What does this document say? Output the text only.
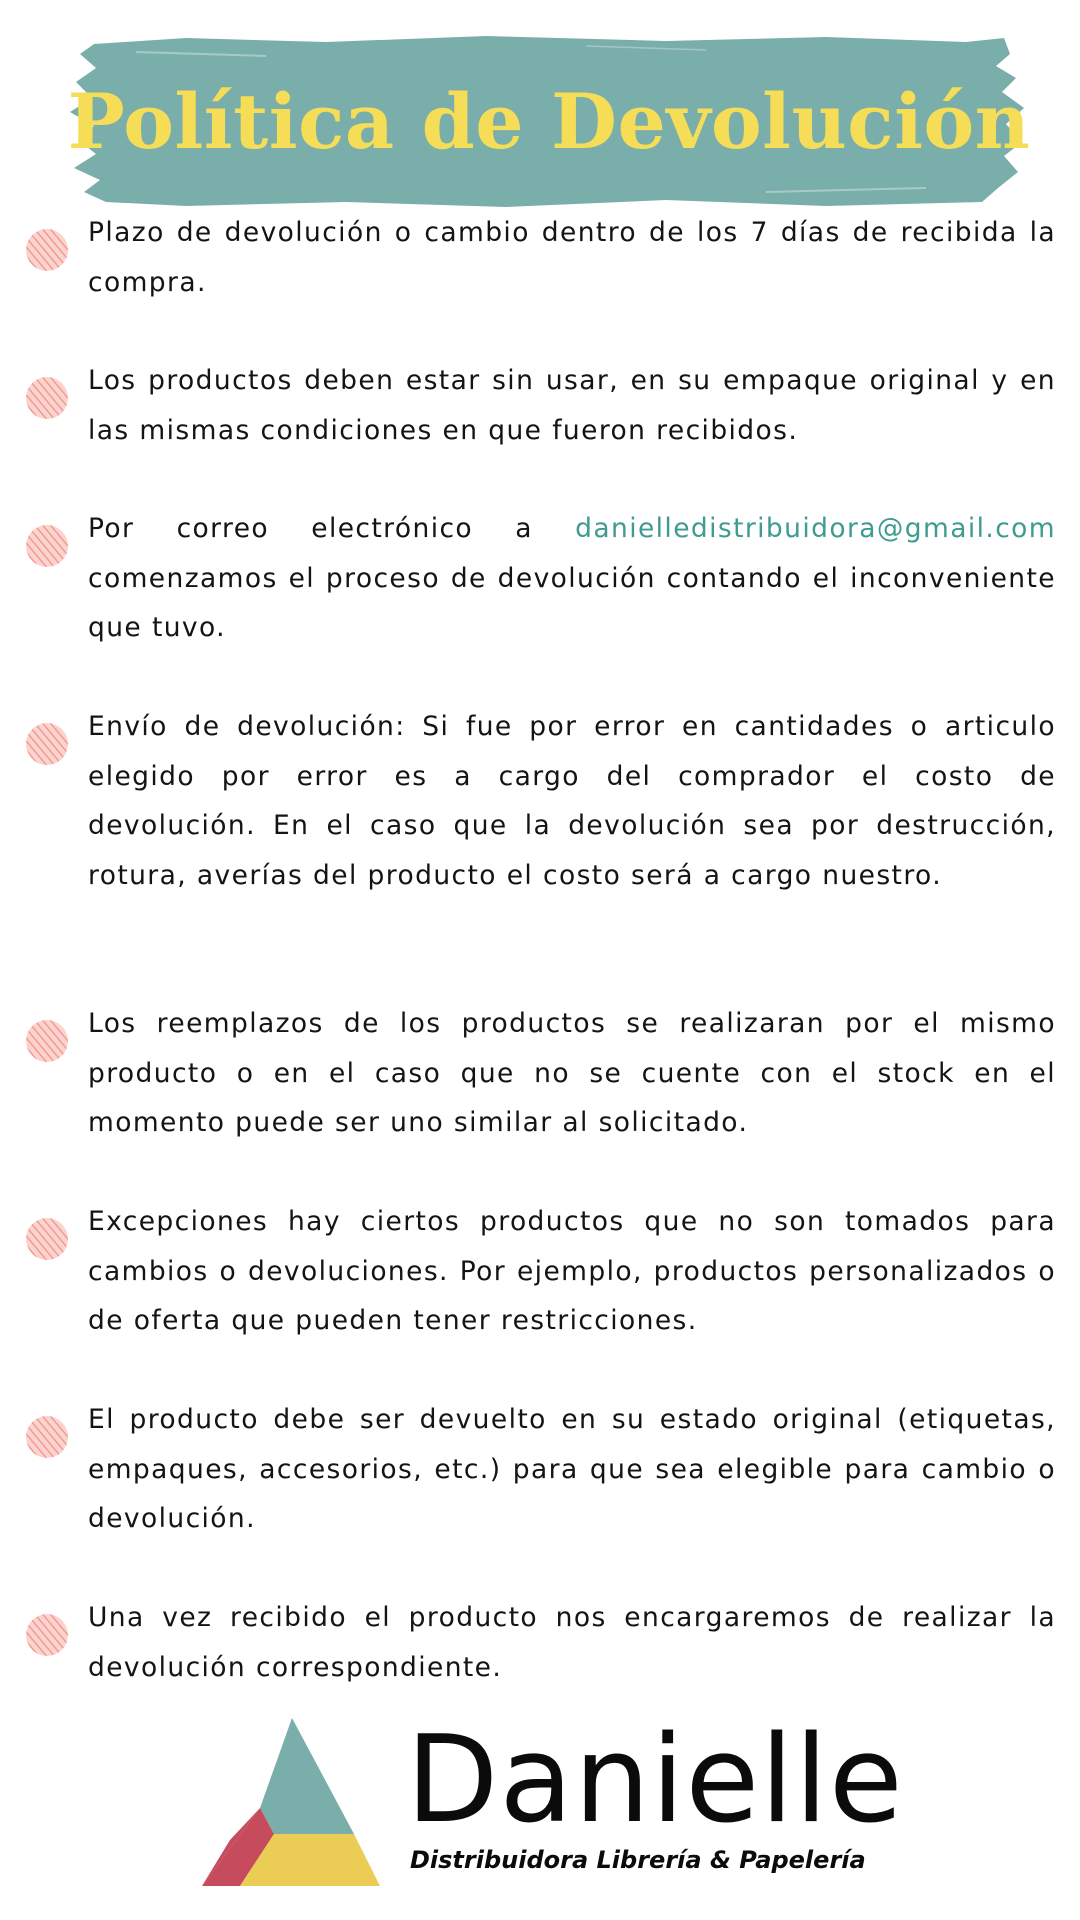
Política de Devolución

Plazo de devolución o cambio dentro de los 7 días de recibida la compra.

Los productos deben estar sin usar, en su empaque original y en las mismas condiciones en que fueron recibidos.

Por correo electrónico a danielledistribuidora@gmail.com comenzamos el proceso de devolución contando el inconveniente que tuvo.

Envío de devolución: Si fue por error en cantidades o articulo elegido por error es a cargo del comprador el costo de devolución. En el caso que la devolución sea por destrucción, rotura, averías del producto el costo será a cargo nuestro.

Los reemplazos de los productos se realizaran por el mismo producto o en el caso que no se cuente con el stock en el momento puede ser uno similar al solicitado.

Excepciones hay ciertos productos que no son tomados para cambios o devoluciones. Por ejemplo, productos personalizados o de oferta que pueden tener restricciones.

El producto debe ser devuelto en su estado original (etiquetas, empaques, accesorios, etc.) para que sea elegible para cambio o devolución.

Una vez recibido el producto nos encargaremos de realizar la devolución correspondiente.

Danielle
Distribuidora Librería & Papelería
